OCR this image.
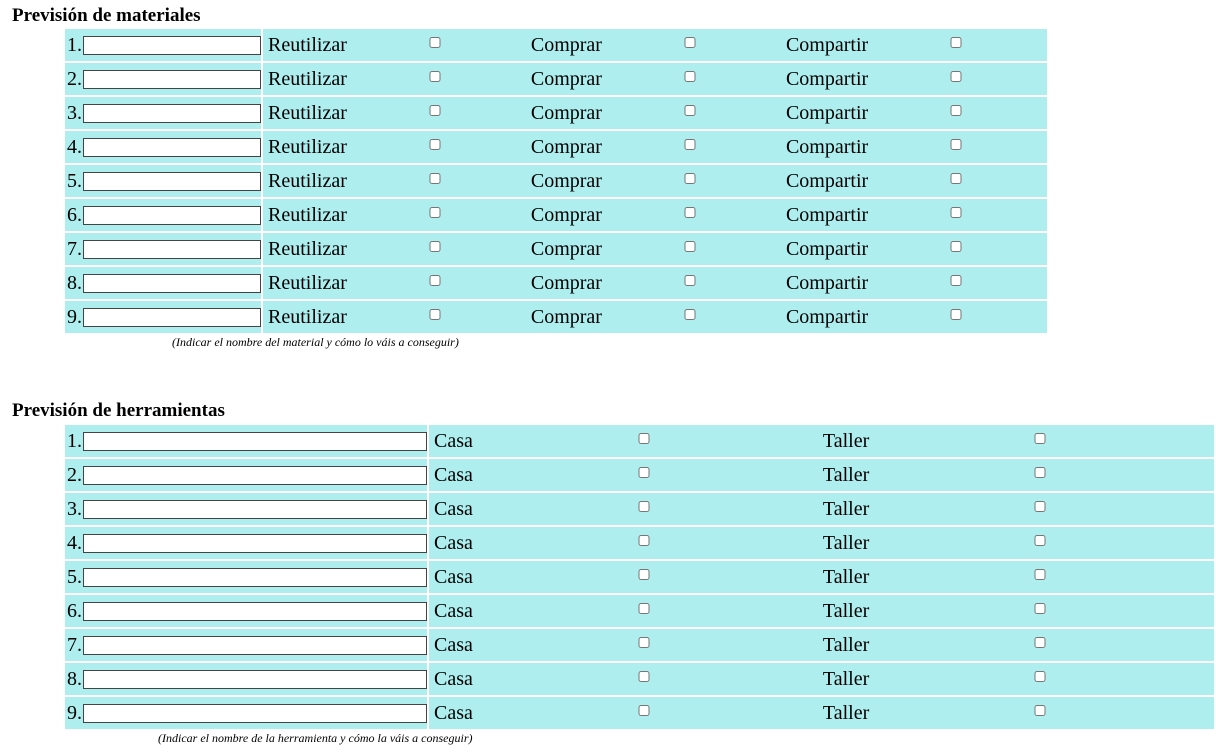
Previsión de materiales
1.	Reutilizar Comprar Compartir
2.	Reutilizar Comprar Compartir
3.	Reutilizar Comprar Compartir
4.	Reutilizar Comprar Compartir
5.	Reutilizar Comprar Compartir
6.	Reutilizar Comprar Compartir
7.	Reutilizar Comprar Compartir
8.	Reutilizar Comprar Compartir
9.	Reutilizar Comprar Compartir
(Indicar el nombre del material y cómo lo váis a conseguir)
Previsión de herramientas
1.	Casa Taller
2.	Casa Taller
3.	Casa Taller
4.	Casa Taller
5.	Casa Taller
6.	Casa Taller
7.	Casa Taller
8.	Casa Taller
9.	Casa Taller
(Indicar el nombre de la herramienta y cómo la váis a conseguir)
